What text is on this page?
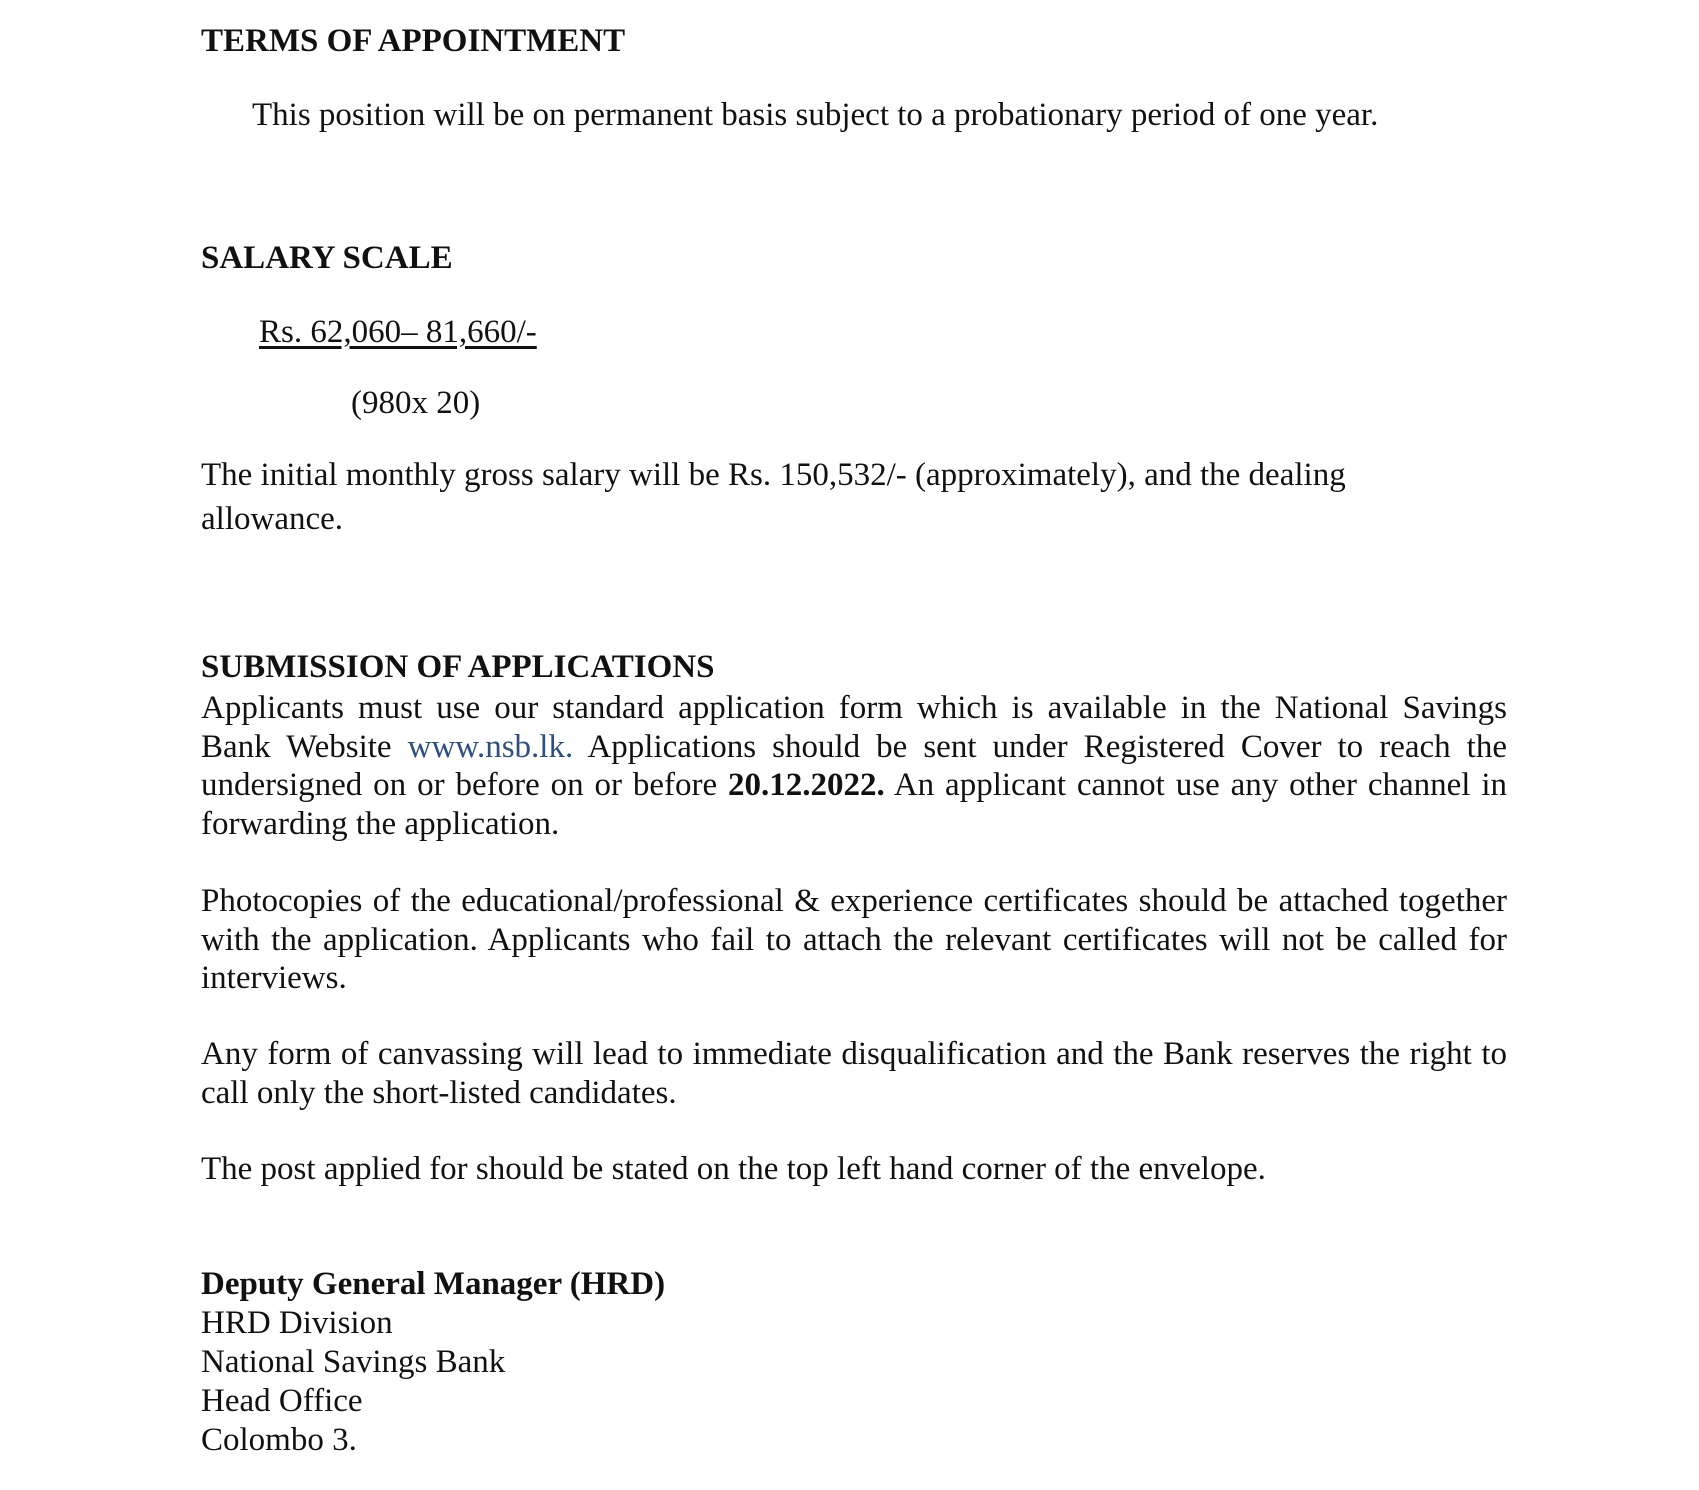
TERMS OF APPOINTMENT

This position will be on permanent basis subject to a probationary period of one year.

SALARY SCALE

Rs. 62,060– 81,660/-

(980x 20)

The initial monthly gross salary will be Rs. 150,532/- (approximately), and the dealing

allowance.

SUBMISSION OF APPLICATIONS

Applicants must use our standard application form which is available in the National Savings Bank Website www.nsb.lk. Applications should be sent under Registered Cover to reach the undersigned on or before on or before 20.12.2022. An applicant cannot use any other channel in forwarding the application.

Photocopies of the educational/professional & experience certificates should be attached together with the application. Applicants who fail to attach the relevant certificates will not be called for interviews.

Any form of canvassing will lead to immediate disqualification and the Bank reserves the right to call only the short-listed candidates.

The post applied for should be stated on the top left hand corner of the envelope.

Deputy General Manager (HRD)

HRD Division

National Savings Bank

Head Office

Colombo 3.
